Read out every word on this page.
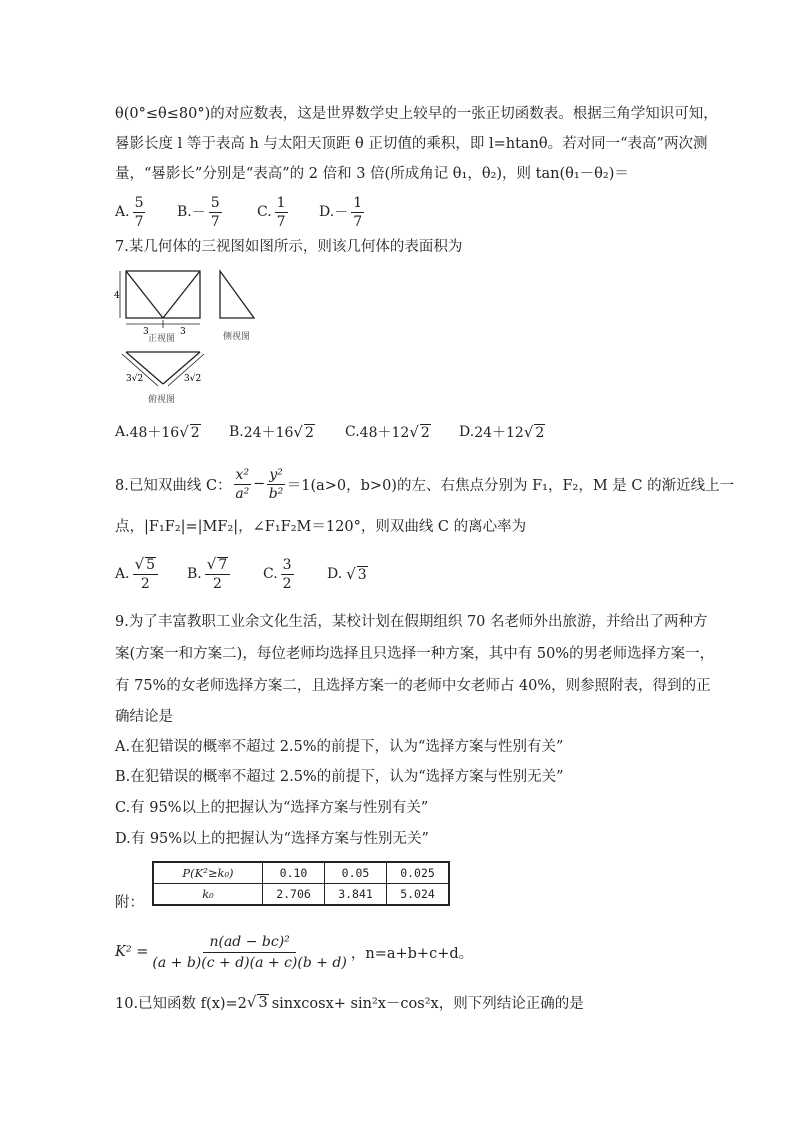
θ(0°≤θ≤80°)的对应数表，这是世界数学史上较早的一张正切函数表。根据三角学知识可知，
晷影长度 l 等于表高 h 与太阳天顶距 θ 正切值的乘积，即 l=htanθ。若对同一“表高”两次测
量，“晷影长”分别是“表高”的 2 倍和 3 倍(所成角记 θ₁，θ₂)，则 tan(θ₁－θ₂)＝
A. $\frac{5}{7} B$. － $\frac{5}{7}$	C. $\frac{1}{7} D$. － $\frac{1}{7}$
7.某几何体的三视图如图所示，则该几何体的表面积为
4
3	3
正视图	侧视图
3√2	3√2
俯视图
A. 48＋16 √ 2 B. 24＋16 √ 2 C. 48＋12 √ 2 D. 24＋12 √ 2
8.已知双曲线 C： $\frac{\text{x²}}{\text{a²}} - \frac{\text{y²}}{\text{b²}} =1(a>0$，b>0)的左、右焦点分别为 F₁，F₂，M 是 C 的渐近线上一
点，|F₁F₂|=|MF₂|，∠F₁F₂M＝120°，则双曲线 C 的离心率为
A. $\frac{√ 5}{2} B$. $\frac{√ 7}{2} C$. $\frac{3}{2} D$. √ 3
9.为了丰富教职工业余文化生活，某校计划在假期组织 70 名老师外出旅游，并给出了两种方
案(方案一和方案二)，每位老师均选择且只选择一种方案，其中有 50%的男老师选择方案一，
有 75%的女老师选择方案二，且选择方案一的老师中女老师占 40%，则参照附表，得到的正
确结论是
A.在犯错误的概率不超过 2.5%的前提下，认为“选择方案与性别有关”
B.在犯错误的概率不超过 2.5%的前提下，认为“选择方案与性别无关”
C.有 95%以上的把握认为“选择方案与性别有关”
D.有 95%以上的把握认为“选择方案与性别无关”
附：
P(K²≥k₀)	0.10	0.05	0.025
k₀	2.706	3.841	5.024
$K^2 = \frac{\text{n(ad − bc)²}}{(a + b)(c + d)(a + c)(b + d)}$ ，n=a+b+c+d。
10.已知函数 f(x)=2 √ 3 sinxcosx+ sin²x－cos²x，则下列结论正确的是
